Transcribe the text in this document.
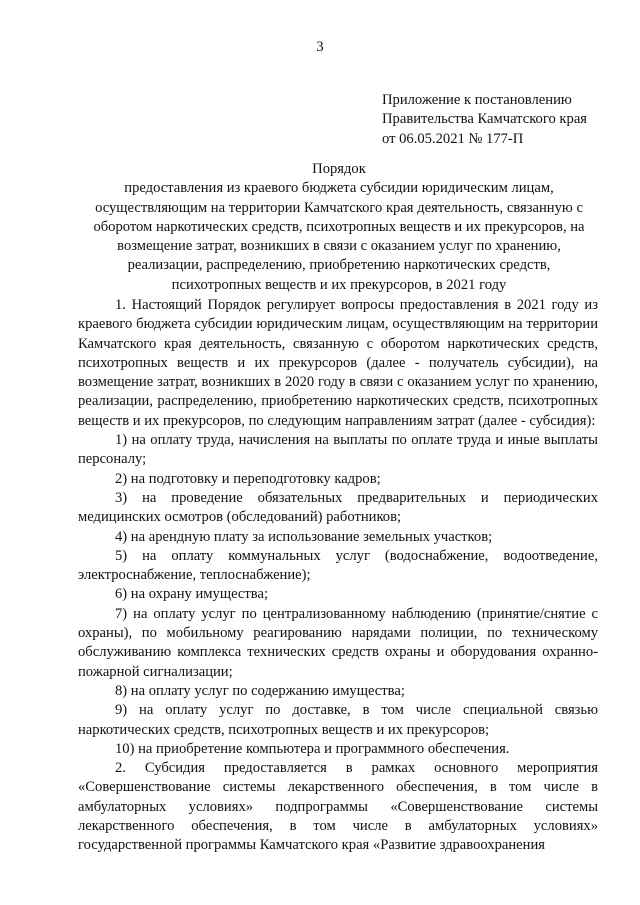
3
Приложение к постановлению
Правительства Камчатского края
от 06.05.2021 № 177-П
Порядок
предоставления из краевого бюджета субсидии юридическим лицам,
осуществляющим на территории Камчатского края деятельность, связанную с
оборотом наркотических средств, психотропных веществ и их прекурсоров, на
возмещение затрат, возникших в связи с оказанием услуг по хранению,
реализации, распределению, приобретению наркотических средств,
психотропных веществ и их прекурсоров, в 2021 году

1. Настоящий Порядок регулирует вопросы предоставления в 2021 году из краевого бюджета субсидии юридическим лицам, осуществляющим на территории Камчатского края деятельность, связанную с оборотом наркотических средств, психотропных веществ и их прекурсоров (далее - получатель субсидии), на возмещение затрат, возникших в 2020 году в связи с оказанием услуг по хранению, реализации, распределению, приобретению наркотических средств, психотропных веществ и их прекурсоров, по следующим направлениям затрат (далее - субсидия):

1) на оплату труда, начисления на выплаты по оплате труда и иные выплаты персоналу;

2) на подготовку и переподготовку кадров;

3) на проведение обязательных предварительных и периодических медицинских осмотров (обследований) работников;

4) на арендную плату за использование земельных участков;

5) на оплату коммунальных услуг (водоснабжение, водоотведение, электроснабжение, теплоснабжение);

6) на охрану имущества;

7) на оплату услуг по централизованному наблюдению (принятие/снятие с охраны), по мобильному реагированию нарядами полиции, по техническому обслуживанию комплекса технических средств охраны и оборудования охранно-пожарной сигнализации;

8) на оплату услуг по содержанию имущества;

9) на оплату услуг по доставке, в том числе специальной связью наркотических средств, психотропных веществ и их прекурсоров;

10) на приобретение компьютера и программного обеспечения.

2. Субсидия предоставляется в рамках основного мероприятия «Совершенствование системы лекарственного обеспечения, в том числе в амбулаторных условиях» подпрограммы «Совершенствование системы лекарственного обеспечения, в том числе в амбулаторных условиях» государственной программы Камчатского края «Развитие здравоохранения
